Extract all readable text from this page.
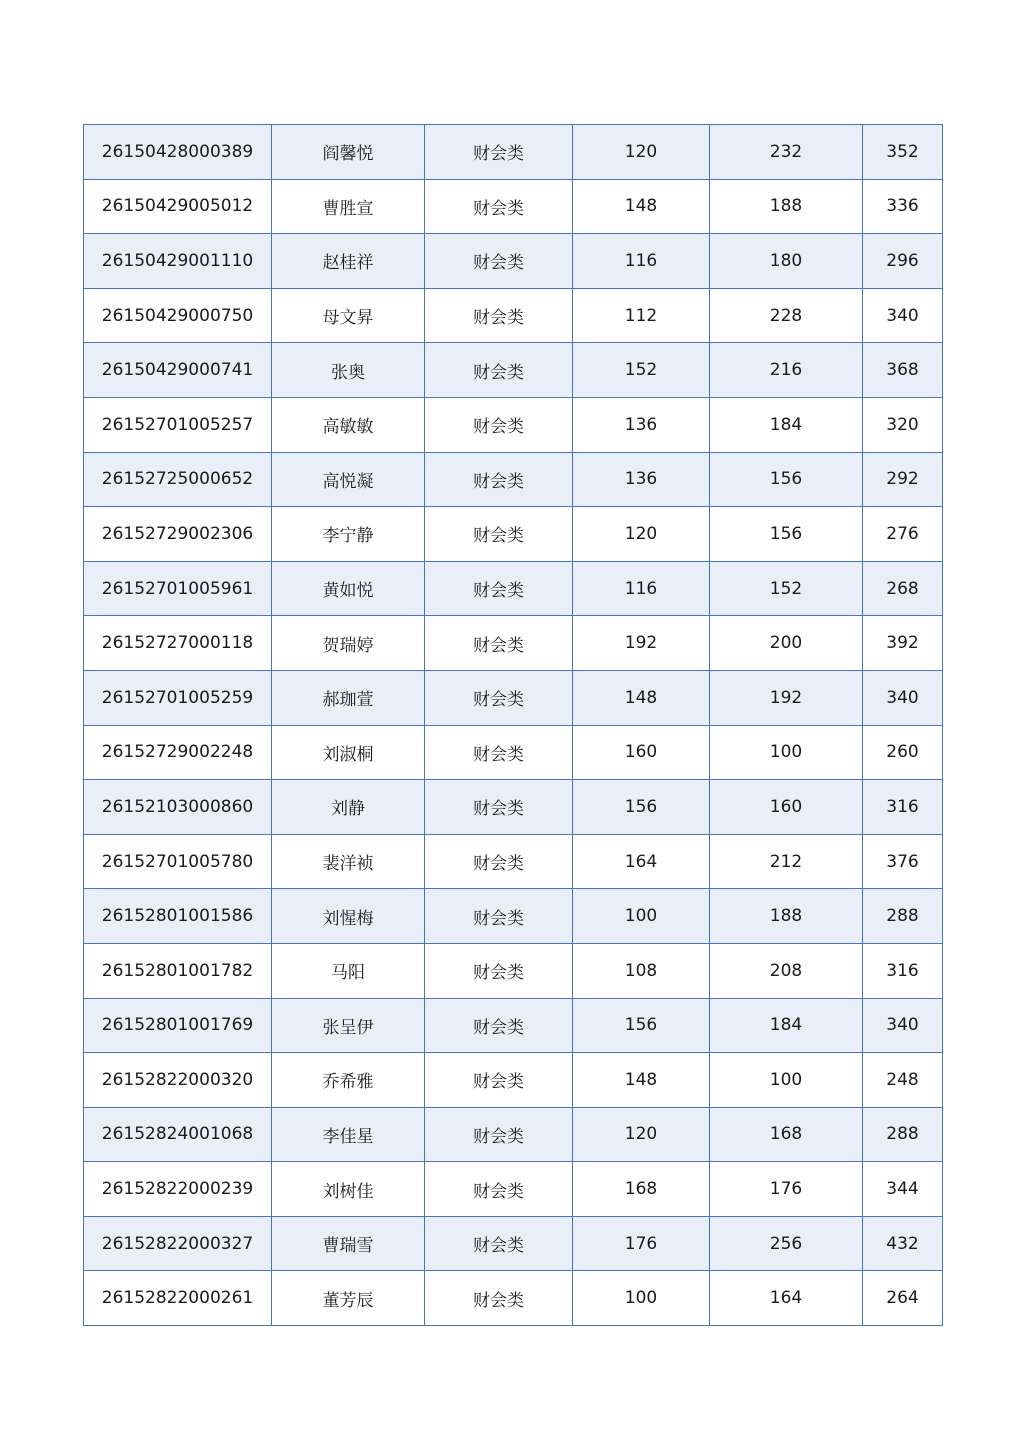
26150428000389	阎馨悦	财会类	120	232	352
26150429005012	曹胜宣	财会类	148	188	336
26150429001110	赵桂祥	财会类	116	180	296
26150429000750	母文昇	财会类	112	228	340
26150429000741	张奥	财会类	152	216	368
26152701005257	高敏敏	财会类	136	184	320
26152725000652	高悦凝	财会类	136	156	292
26152729002306	李宁静	财会类	120	156	276
26152701005961	黄如悦	财会类	116	152	268
26152727000118	贺瑞婷	财会类	192	200	392
26152701005259	郝珈萱	财会类	148	192	340
26152729002248	刘淑桐	财会类	160	100	260
26152103000860	刘静	财会类	156	160	316
26152701005780	裴洋祯	财会类	164	212	376
26152801001586	刘惺梅	财会类	100	188	288
26152801001782	马阳	财会类	108	208	316
26152801001769	张呈伊	财会类	156	184	340
26152822000320	乔希雅	财会类	148	100	248
26152824001068	李佳星	财会类	120	168	288
26152822000239	刘树佳	财会类	168	176	344
26152822000327	曹瑞雪	财会类	176	256	432
26152822000261	董芳辰	财会类	100	164	264
